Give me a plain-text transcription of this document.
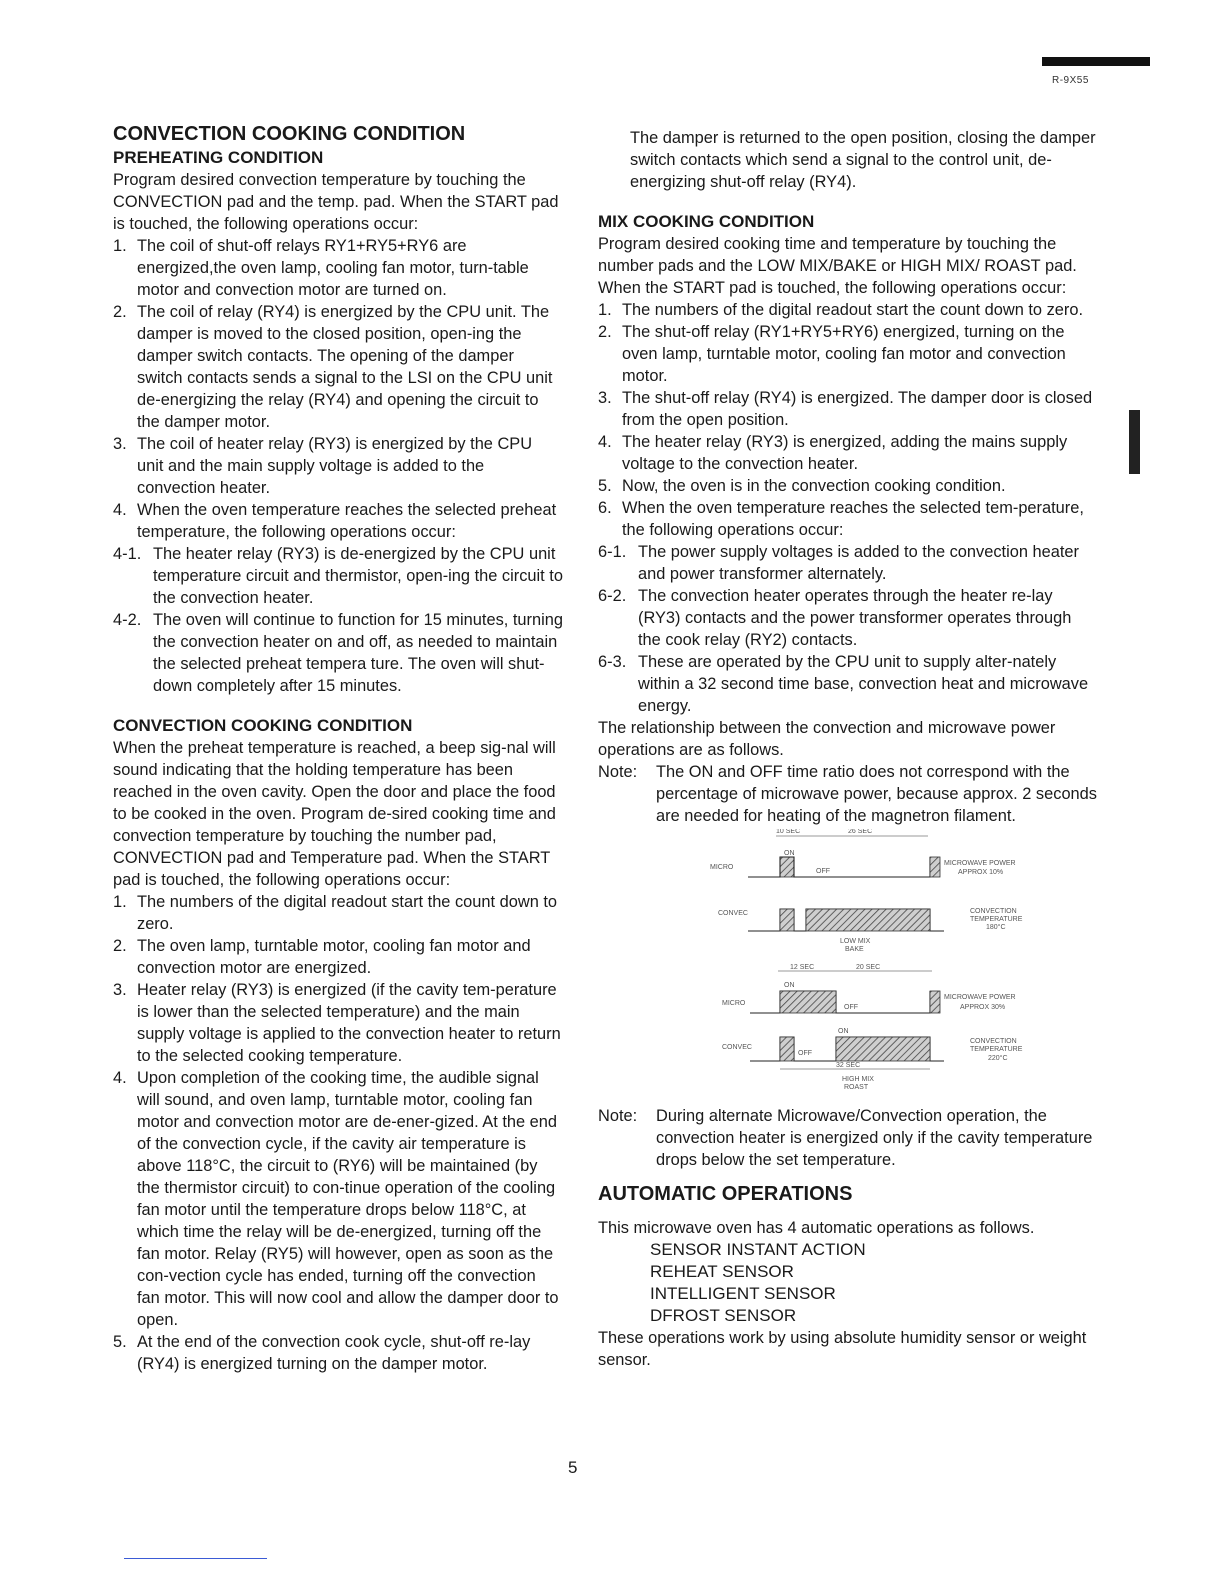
R-9X55
CONVECTION COOKING CONDITION
PREHEATING CONDITION

Program desired convection temperature by touching the CONVECTION pad and the temp. pad. When the START pad is touched, the following operations occur:

1. The coil of shut-off relays RY1+RY5+RY6 are energized,the oven lamp, cooling fan motor, turn-table motor and convection motor are turned on.
2. The coil of relay (RY4) is energized by the CPU unit. The damper is moved to the closed position, open-ing the damper switch contacts. The opening of the damper switch contacts sends a signal to the LSI on the CPU unit de-energizing the relay (RY4) and opening the circuit to the damper motor.
3. The coil of heater relay (RY3) is energized by the CPU unit and the main supply voltage is added to the convection heater.
4. When the oven temperature reaches the selected preheat temperature, the following operations occur:
4-1. The heater relay (RY3) is de-energized by the CPU unit temperature circuit and thermistor, open-ing the circuit to the convection heater.
4-2. The oven will continue to function for 15 minutes, turning the convection heater on and off, as needed to maintain the selected preheat tempera ture. The oven will shut-down completely after 15 minutes.
CONVECTION COOKING CONDITION

When the preheat temperature is reached, a beep sig-nal will sound indicating that the holding temperature has been reached in the oven cavity. Open the door and place the food to be cooked in the oven. Program de-sired cooking time and convection temperature by touching the number pad, CONVECTION pad and Temperature pad. When the START pad is touched, the following operations occur:

1. The numbers of the digital readout start the count down to zero.
2. The oven lamp, turntable motor, cooling fan motor and convection motor are energized.
3. Heater relay (RY3) is energized (if the cavity tem-perature is lower than the selected temperature) and the main supply voltage is applied to the convection heater to return to the selected cooking temperature.
4. Upon completion of the cooking time, the audible signal will sound, and oven lamp, turntable motor, cooling fan motor and convection motor are de-ener-gized. At the end of the convection cycle, if the cavity air temperature is above 118°C, the circuit to (RY6) will be maintained (by the thermistor circuit) to con-tinue operation of the cooling fan motor until the temperature drops below 118°C, at which time the relay will be de-energized, turning off the fan motor. Relay (RY5) will however, open as soon as the con-vection cycle has ended, turning off the convection fan motor. This will now cool and allow the damper door to open.
5. At the end of the convection cook cycle, shut-off re-lay (RY4) is energized turning on the damper motor.

The damper is returned to the open position, closing the damper switch contacts which send a signal to the control unit, de-energizing shut-off relay (RY4).

MIX COOKING CONDITION

Program desired cooking time and temperature by touching the number pads and the LOW MIX/BAKE or HIGH MIX/ ROAST pad. When the START pad is touched, the following operations occur:

1. The numbers of the digital readout start the count down to zero.
2. The shut-off relay (RY1+RY5+RY6) energized, turning on the oven lamp, turntable motor, cooling fan motor and convection motor.
3. The shut-off relay (RY4) is energized. The damper door is closed from the open position.
4. The heater relay (RY3) is energized, adding the mains supply voltage to the convection heater.
5. Now, the oven is in the convection cooking condition.
6. When the oven temperature reaches the selected tem-perature, the following operations occur:
6-1. The power supply voltages is added to the convection heater and power transformer alternately.
6-2. The convection heater operates through the heater re-lay (RY3) contacts and the power transformer operates through the cook relay (RY2) contacts.
6-3. These are operated by the CPU unit to supply alter-nately within a 32 second time base, convection heat and microwave energy.

The relationship between the convection and microwave power operations are as follows.

Note: The ON and OFF time ratio does not correspond with the percentage of microwave power, because approx. 2 seconds are needed for heating of the magnetron filament.
10 SEC	26 SEC
ON
MICRO
OFF
MICROWAVE POWER
APPROX 10%
CONVEC	CONVECTION
TEMPERATURE
180°C
LOW MIX
BAKE
12 SEC	20 SEC
ON
MICRO
OFF
MICROWAVE POWER
APPROX 30%
ON
CONVEC
OFF
32 SEC
CONVECTION
TEMPERATURE
220°C
HIGH MIX
ROAST
Note: During alternate Microwave/Convection operation, the convection heater is energized only if the cavity temperature drops below the set temperature.
AUTOMATIC OPERATIONS

This microwave oven has 4 automatic operations as follows.

SENSOR INSTANT ACTION
REHEAT SENSOR
INTELLIGENT SENSOR
DFROST SENSOR

These operations work by using absolute humidity sensor or weight sensor.

5
